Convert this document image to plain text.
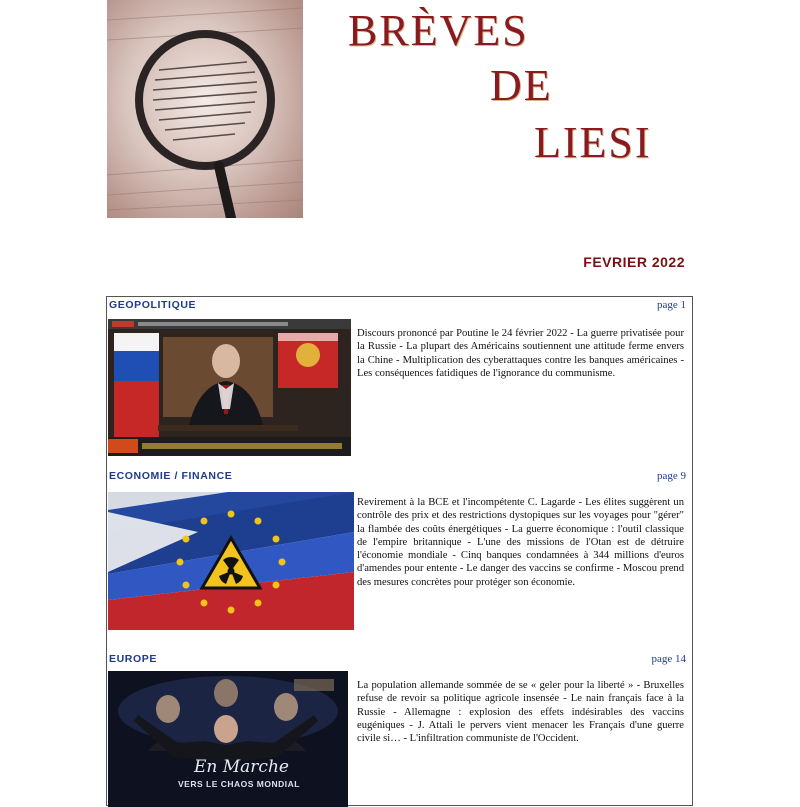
BRÈVES
DE
LIESI
FEVRIER 2022
GEOPOLITIQUE	page 1
Discours prononcé par Poutine le 24 février 2022 - La guerre privatisée pour la Russie - La plupart des Américains soutiennent une attitude ferme envers la Chine - Multiplication des cyberattaques contre les banques américaines - Les conséquences fatidiques de l'ignorance du communisme.
ECONOMIE / FINANCE	page 9
Revirement à la BCE et l'incompétente C. Lagarde - Les élites suggèrent un contrôle des prix et des restrictions dystopiques sur les voyages pour "gérer" la flambée des coûts énergétiques - La guerre économique : l'outil classique de l'empire britannique - L'une des missions de l'Otan est de détruire l'économie mondiale - Cinq banques condamnées à 344 millions d'euros d'amendes pour entente - Le danger des vaccins se confirme - Moscou prend des mesures concrètes pour protéger son économie.
EUROPE	page 14
En Marche
VERS LE CHAOS MONDIAL
La population allemande sommée de se « geler pour la liberté » - Bruxelles refuse de revoir sa politique agricole insensée - Le nain français face à la Russie - Allemagne : explosion des effets indésirables des vaccins eugéniques - J. Attali le pervers vient menacer les Français d'une guerre civile si… - L'infiltration communiste de l'Occident.
